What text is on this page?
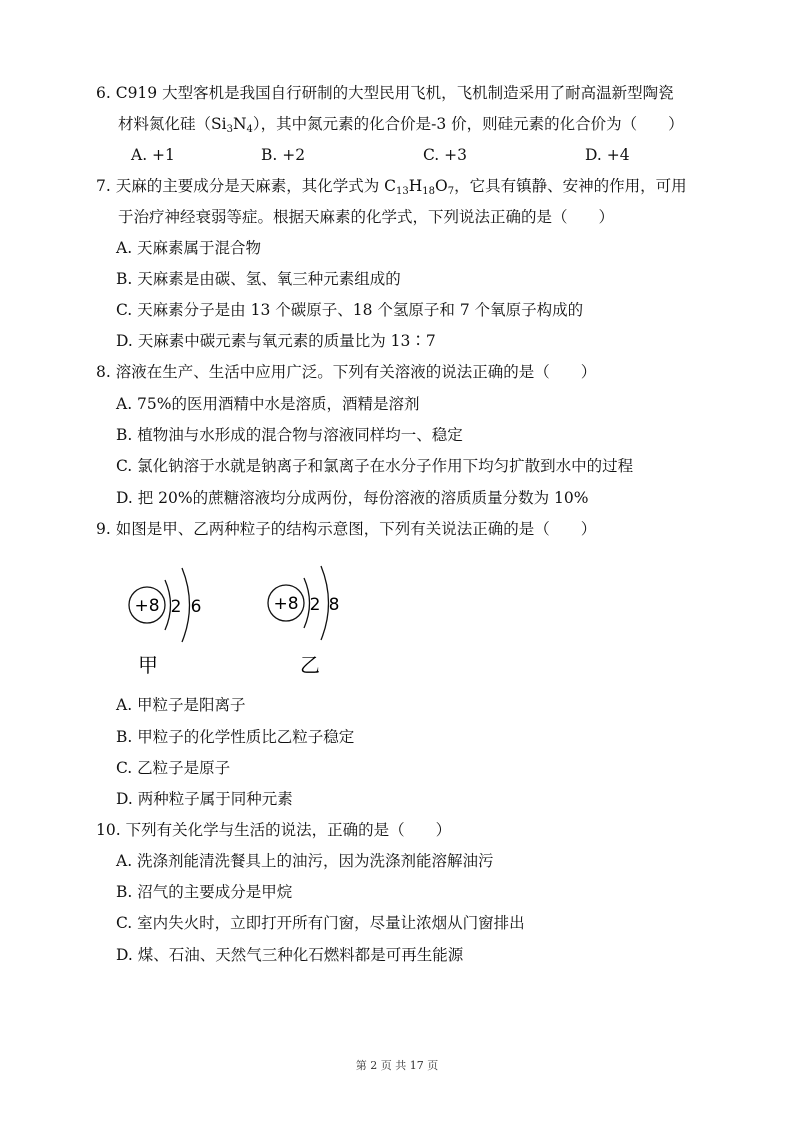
6. C919 大型客机是我国自行研制的大型民用飞机，飞机制造采用了耐高温新型陶瓷
材料氮化硅$(Si_3N_4)$，其中氮元素的化合价是-3 价，则硅元素的化合价为（　　）
A. +1	B. +2	C. +3	D. +4
7. 天麻的主要成分是天麻素，其化学式为 $C_{13}H_{18}O_7$，它具有镇静、安神的作用，可用
于治疗神经衰弱等症。根据天麻素的化学式，下列说法正确的是（　　）
A. 天麻素属于混合物
B. 天麻素是由碳、氢、氧三种元素组成的
C. 天麻素分子是由 13 个碳原子、18 个氢原子和 7 个氧原子构成的
D. 天麻素中碳元素与氧元素的质量比为 13∶7
8. 溶液在生产、生活中应用广泛。下列有关溶液的说法正确的是（　　）
A. 75%的医用酒精中水是溶质，酒精是溶剂
B. 植物油与水形成的混合物与溶液同样均一、稳定
C. 氯化钠溶于水就是钠离子和氯离子在水分子作用下均匀扩散到水中的过程
D. 把 20%的蔗糖溶液均分成两份，每份溶液的溶质质量分数为 10%
9. 如图是甲、乙两种粒子的结构示意图，下列有关说法正确的是（　　）
+8 2 6
甲
+8 2 8
乙
A. 甲粒子是阳离子
B. 甲粒子的化学性质比乙粒子稳定
C. 乙粒子是原子
D. 两种粒子属于同种元素
10. 下列有关化学与生活的说法，正确的是（　　）
A. 洗涤剂能清洗餐具上的油污，因为洗涤剂能溶解油污
B. 沼气的主要成分是甲烷
C. 室内失火时，立即打开所有门窗，尽量让浓烟从门窗排出
D. 煤、石油、天然气三种化石燃料都是可再生能源
第 2 页 共 17 页
